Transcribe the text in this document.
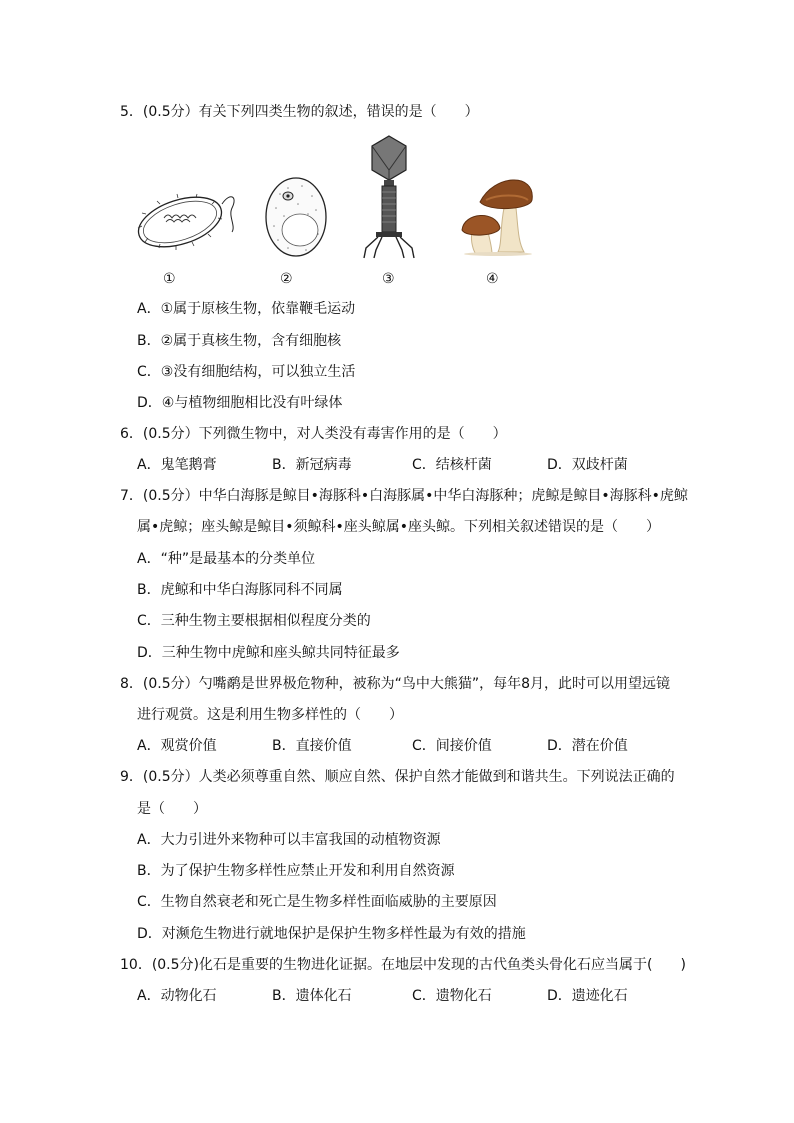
5．(0.5分）有关下列四类生物的叙述，错误的是（　　）
①	②	③	④
A．①属于原核生物，依靠鞭毛运动
B．②属于真核生物，含有细胞核
C．③没有细胞结构，可以独立生活
D．④与植物细胞相比没有叶绿体
6．(0.5分）下列微生物中，对人类没有毒害作用的是（　　）
A．鬼笔鹅膏	B．新冠病毒	C．结核杆菌	D．双歧杆菌
7．(0.5分）中华白海豚是鲸目•海豚科•白海豚属•中华白海豚种；虎鲸是鲸目•海豚科•虎鲸
属•虎鲸；座头鲸是鲸目•须鲸科•座头鲸属•座头鲸。下列相关叙述错误的是（　　）
A．“种”是最基本的分类单位
B．虎鲸和中华白海豚同科不同属
C．三种生物主要根据相似程度分类的
D．三种生物中虎鲸和座头鲸共同特征最多
8．(0.5分）勺嘴鹬是世界极危物种，被称为“鸟中大熊猫”，每年8月，此时可以用望远镜
进行观赏。这是利用生物多样性的（　　）
A．观赏价值	B．直接价值	C．间接价值	D．潜在价值
9．(0.5分）人类必须尊重自然、顺应自然、保护自然才能做到和谐共生。下列说法正确的
是（　　）
A．大力引进外来物种可以丰富我国的动植物资源
B．为了保护生物多样性应禁止开发和利用自然资源
C．生物自然衰老和死亡是生物多样性面临威胁的主要原因
D．对濒危生物进行就地保护是保护生物多样性最为有效的措施
10．(0.5分)化石是重要的生物进化证据。在地层中发现的古代鱼类头骨化石应当属于(　　)
A．动物化石	B．遗体化石	C．遗物化石	D．遗迹化石
